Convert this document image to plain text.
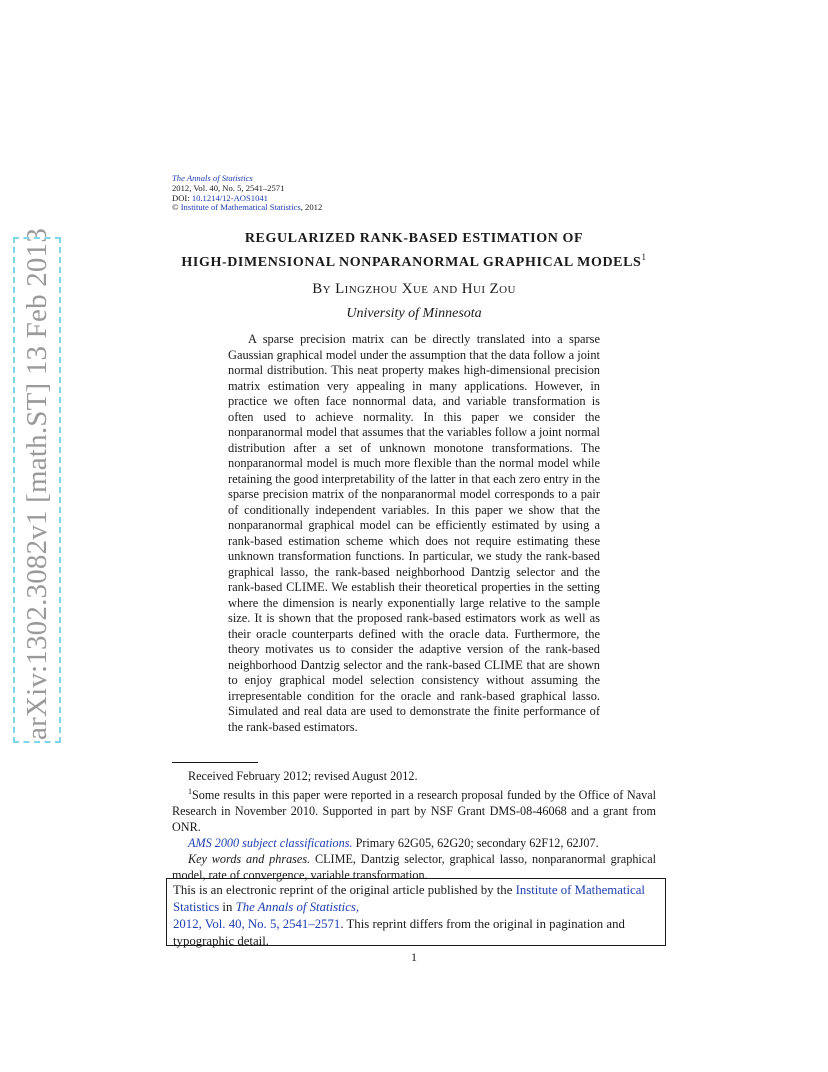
arXiv:1302.3082v1 [math.ST] 13 Feb 2013
The Annals of Statistics
2012, Vol. 40, No. 5, 2541–2571
DOI: 10.1214/12-AOS1041
© Institute of Mathematical Statistics, 2012
REGULARIZED RANK-BASED ESTIMATION OF
HIGH-DIMENSIONAL NONPARANORMAL GRAPHICAL MODELS$^1$
By Lingzhou Xue and Hui Zou
University of Minnesota
A sparse precision matrix can be directly translated into a sparse Gaussian graphical model under the assumption that the data follow a joint normal distribution. This neat property makes high-dimensional precision matrix estimation very appealing in many applications. However, in practice we often face nonnormal data, and variable transformation is often used to achieve normality. In this paper we consider the nonparanormal model that assumes that the variables follow a joint normal distribution after a set of unknown monotone transformations. The nonparanormal model is much more flexible than the normal model while retaining the good interpretability of the latter in that each zero entry in the sparse precision matrix of the nonparanormal model corresponds to a pair of conditionally independent variables. In this paper we show that the nonparanormal graphical model can be efficiently estimated by using a rank-based estimation scheme which does not require estimating these unknown transformation functions. In particular, we study the rank-based graphical lasso, the rank-based neighborhood Dantzig selector and the rank-based CLIME. We establish their theoretical properties in the setting where the dimension is nearly exponentially large relative to the sample size. It is shown that the proposed rank-based estimators work as well as their oracle counterparts defined with the oracle data. Furthermore, the theory motivates us to consider the adaptive version of the rank-based neighborhood Dantzig selector and the rank-based CLIME that are shown to enjoy graphical model selection consistency without assuming the irrepresentable condition for the oracle and rank-based graphical lasso. Simulated and real data are used to demonstrate the finite performance of the rank-based estimators.

Received February 2012; revised August 2012.

$^1$Some results in this paper were reported in a research proposal funded by the Office of Naval Research in November 2010. Supported in part by NSF Grant DMS-08-46068 and a grant from ONR.

AMS 2000 subject classifications. Primary 62G05, 62G20; secondary 62F12, 62J07.

Key words and phrases. CLIME, Dantzig selector, graphical lasso, nonparanormal graphical model, rate of convergence, variable transformation.

This is an electronic reprint of the original article published by the Institute of Mathematical Statistics in The Annals of Statistics,
2012, Vol. 40, No. 5, 2541–2571. This reprint differs from the original in pagination and typographic detail.
1
